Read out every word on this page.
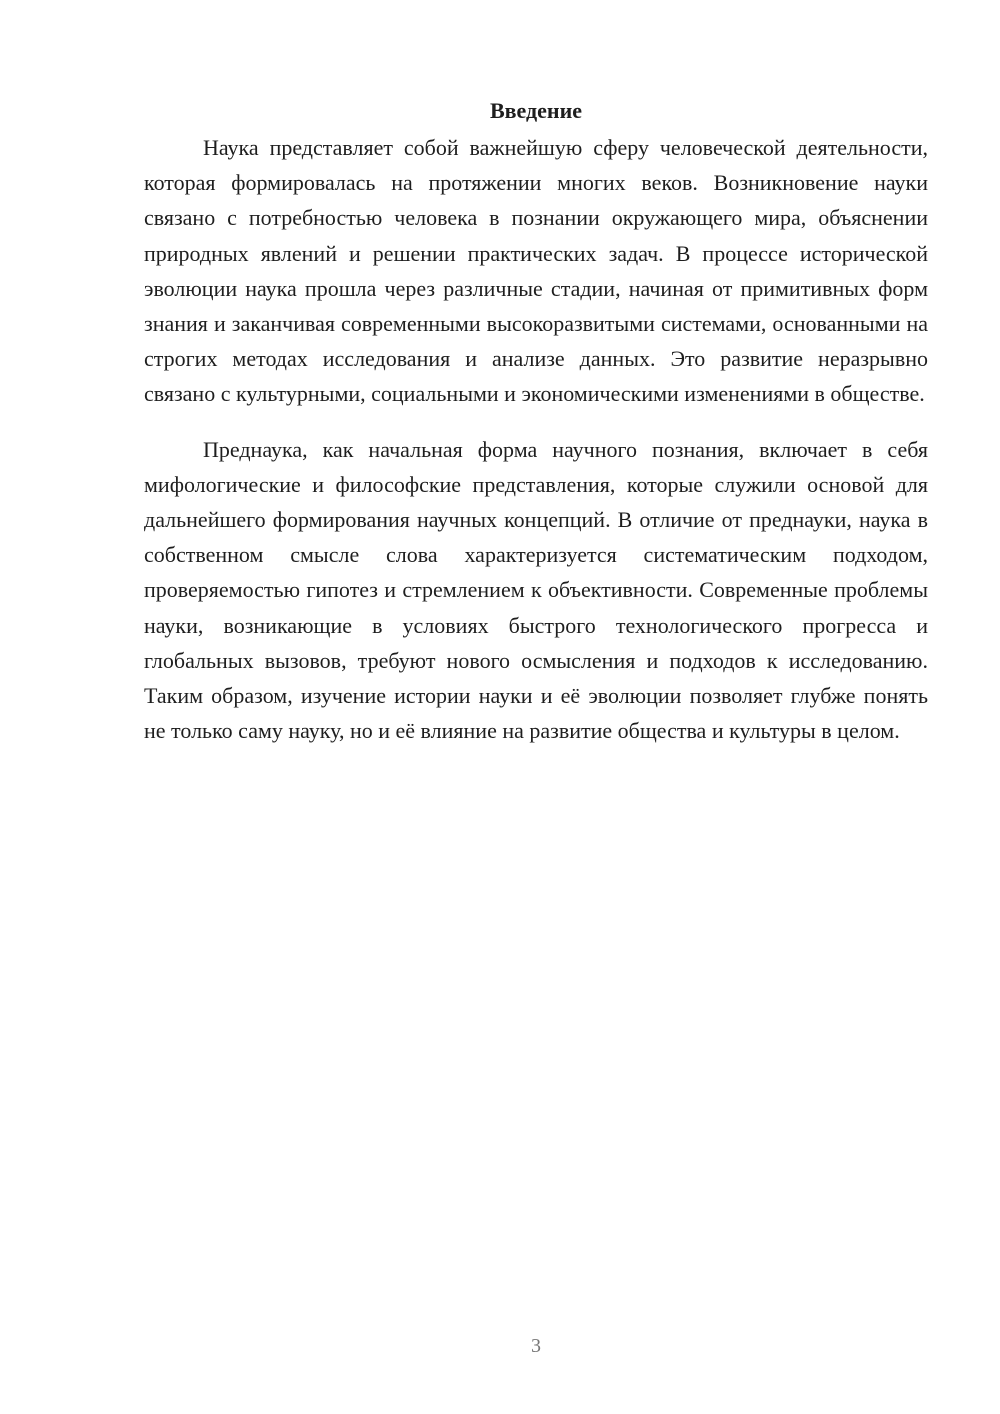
Введение

Наука представляет собой важнейшую сферу человеческой деятельности, которая формировалась на протяжении многих веков. Возникновение науки связано с потребностью человека в познании окружающего мира, объяснении природных явлений и решении практических задач. В процессе исторической эволюции наука прошла через различные стадии, начиная от примитивных форм знания и заканчивая современными высокоразвитыми системами, основанными на строгих методах исследования и анализе данных. Это развитие неразрывно связано с культурными, социальными и экономическими изменениями в обществе.

Преднаука, как начальная форма научного познания, включает в себя мифологические и философские представления, которые служили основой для дальнейшего формирования научных концепций. В отличие от преднауки, наука в собственном смысле слова характеризуется систематическим подходом, проверяемостью гипотез и стремлением к объективности. Современные проблемы науки, возникающие в условиях быстрого технологического прогресса и глобальных вызовов, требуют нового осмысления и подходов к исследованию. Таким образом, изучение истории науки и её эволюции позволяет глубже понять не только саму науку, но и её влияние на развитие общества и культуры в целом.

3
